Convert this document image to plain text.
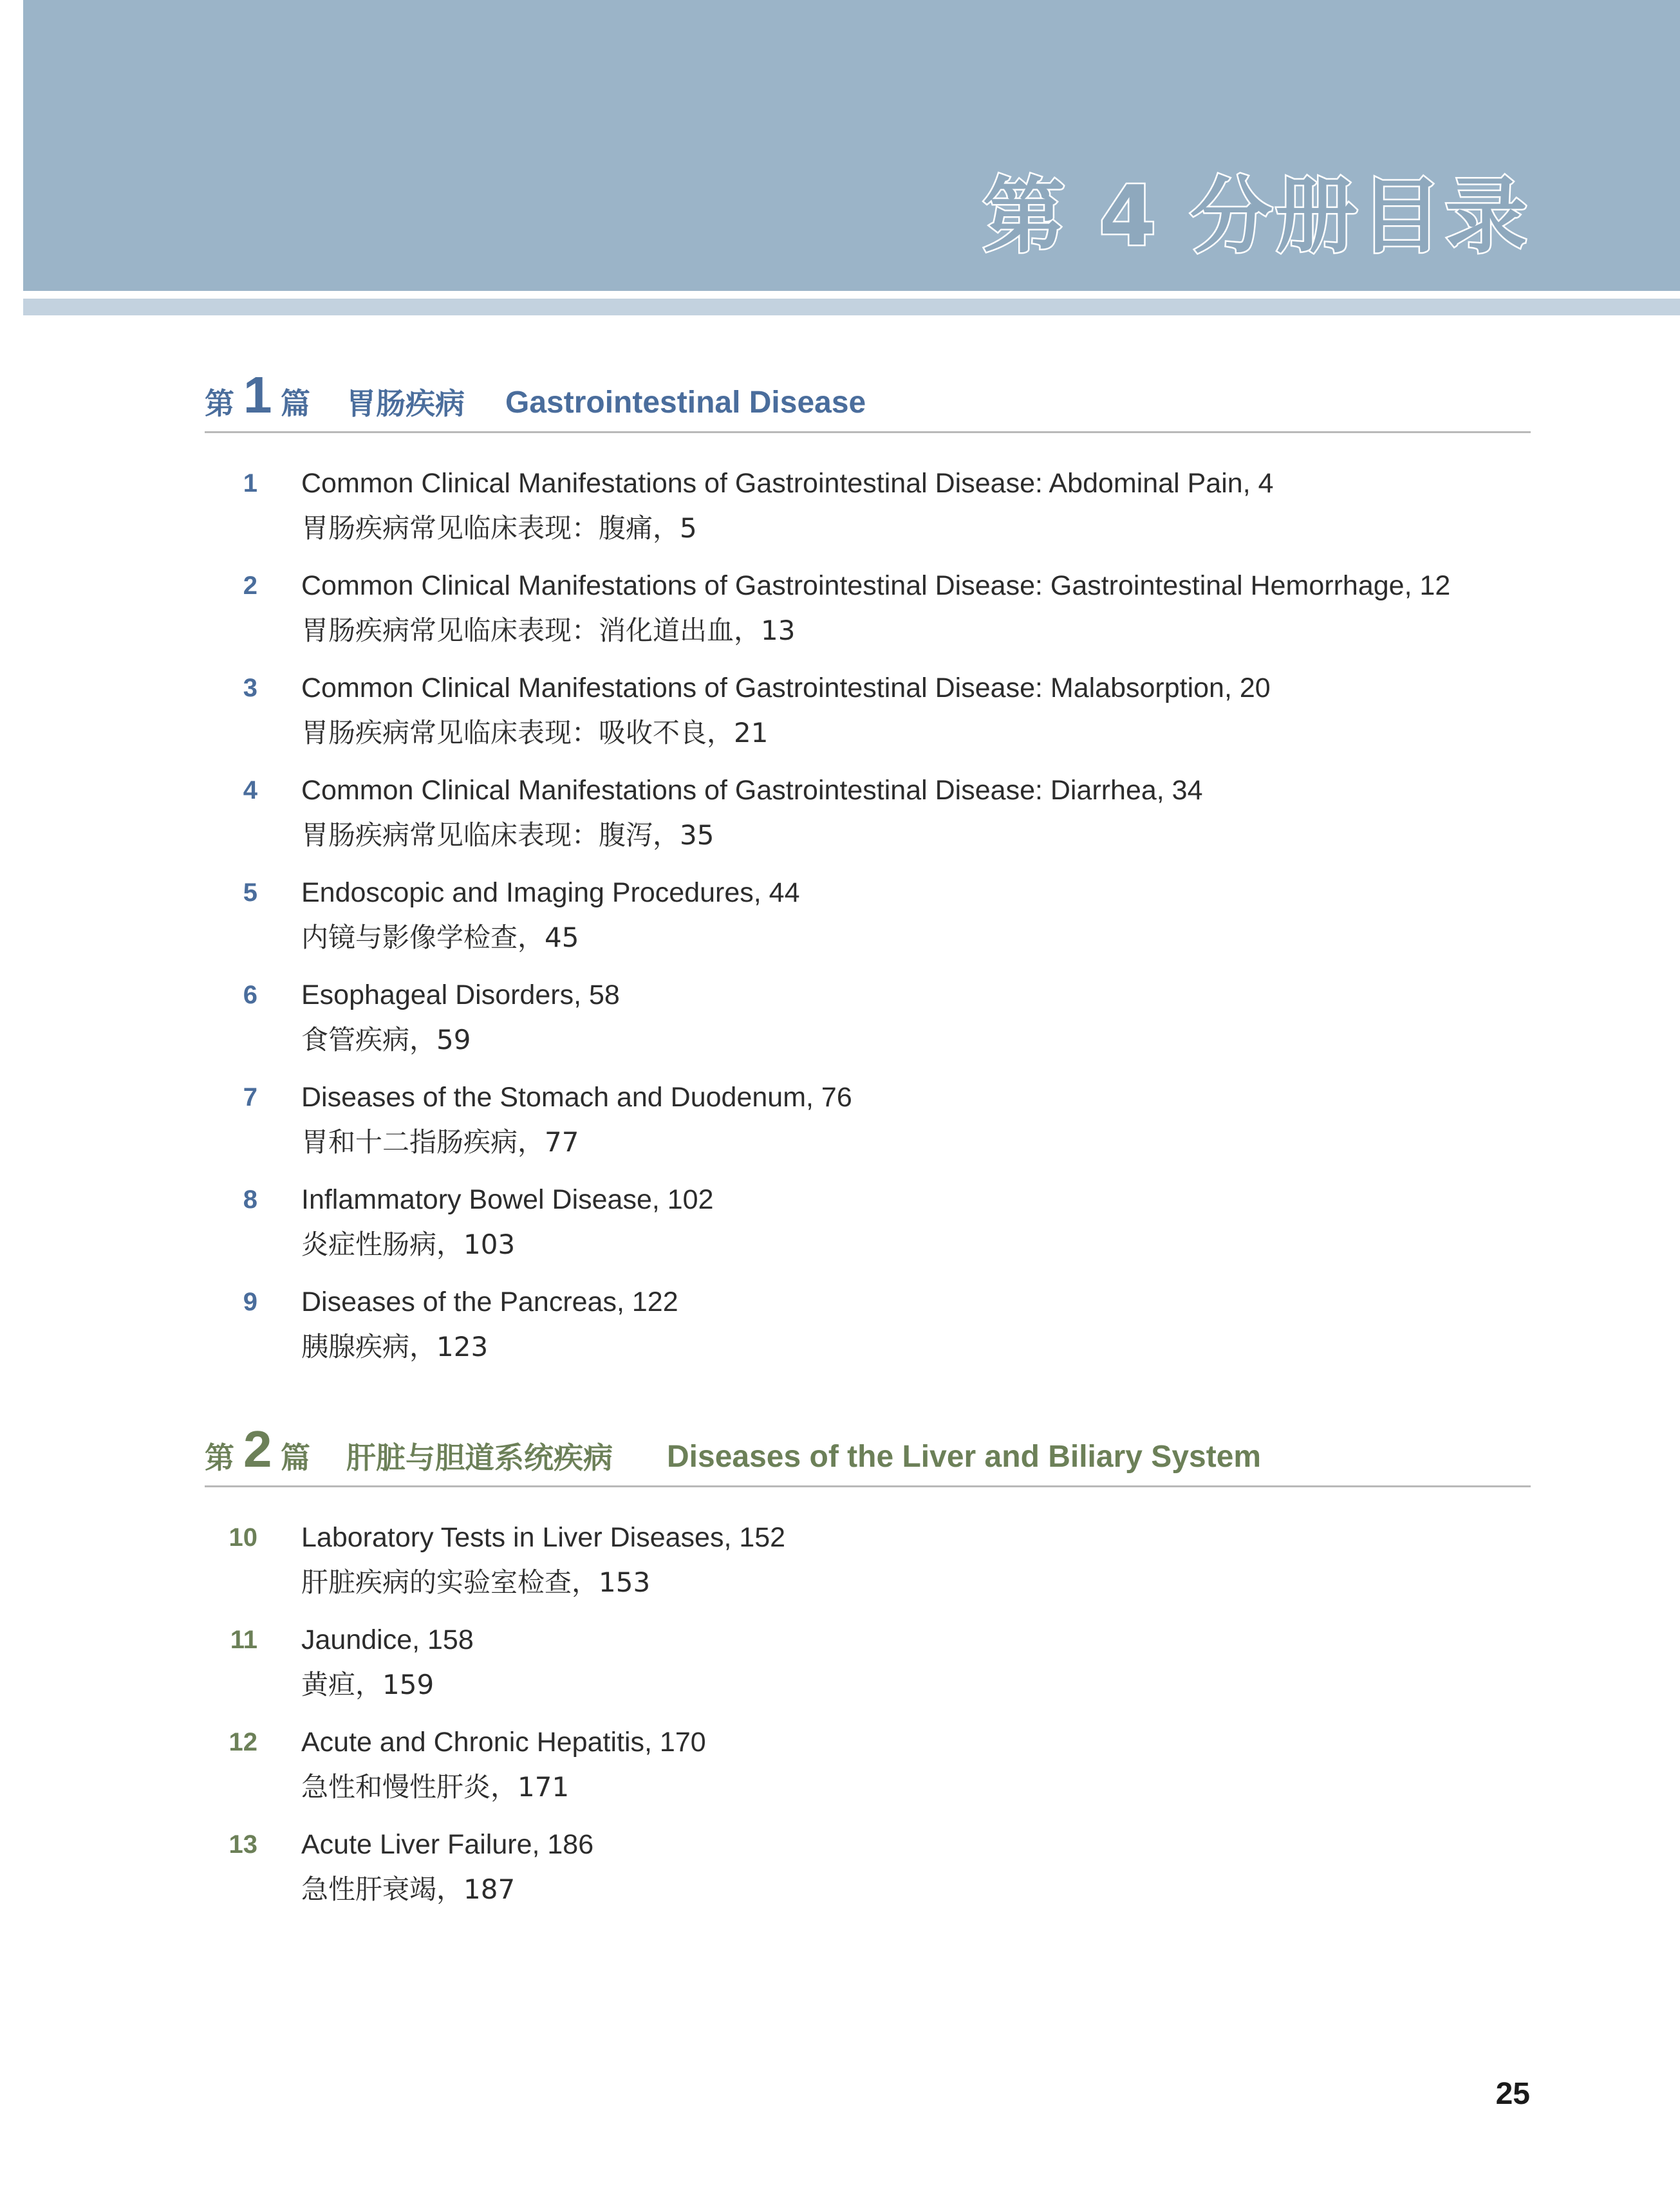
第 4 分册目录
第 1 篇 胃肠疾病 Gastrointestinal Disease
1 Common Clinical Manifestations of Gastrointestinal Disease: Abdominal Pain, 4
胃肠疾病常见临床表现：腹痛，5
2 Common Clinical Manifestations of Gastrointestinal Disease: Gastrointestinal Hemorrhage, 12
胃肠疾病常见临床表现：消化道出血，13
3 Common Clinical Manifestations of Gastrointestinal Disease: Malabsorption, 20
胃肠疾病常见临床表现：吸收不良，21
4 Common Clinical Manifestations of Gastrointestinal Disease: Diarrhea, 34
胃肠疾病常见临床表现：腹泻，35
5 Endoscopic and Imaging Procedures, 44
内镜与影像学检查，45
6 Esophageal Disorders, 58
食管疾病，59
7 Diseases of the Stomach and Duodenum, 76
胃和十二指肠疾病，77
8 Inflammatory Bowel Disease, 102
炎症性肠病，103
9 Diseases of the Pancreas, 122
胰腺疾病，123
第 2 篇 肝脏与胆道系统疾病 Diseases of the Liver and Biliary System
10 Laboratory Tests in Liver Diseases, 152
肝脏疾病的实验室检查，153
11 Jaundice, 158
黄疸，159
12 Acute and Chronic Hepatitis, 170
急性和慢性肝炎，171
13 Acute Liver Failure, 186
急性肝衰竭，187
25
